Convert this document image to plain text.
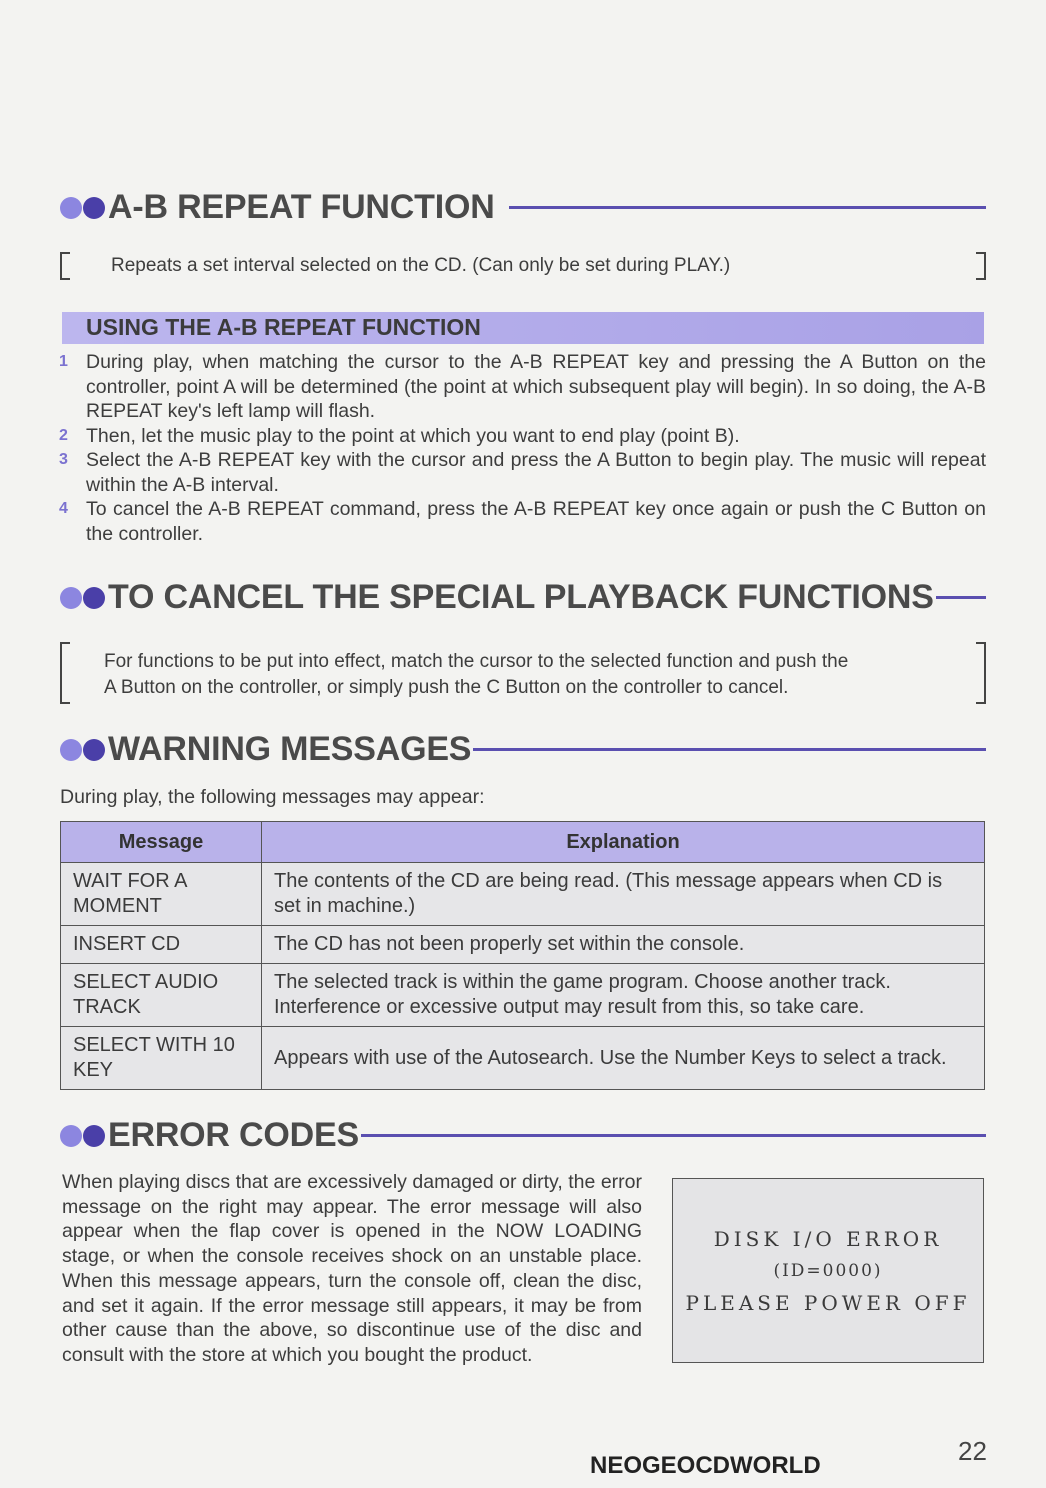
A-B REPEAT FUNCTION
Repeats a set interval selected on the CD. (Can only be set during PLAY.)
USING THE A-B REPEAT FUNCTION
1 During play, when matching the cursor to the A-B REPEAT key and pressing the A Button on the controller, point A will be determined (the point at which subsequent play will begin). In so doing, the A-B REPEAT key's left lamp will flash.
2 Then, let the music play to the point at which you want to end play (point B).
3 Select the A-B REPEAT key with the cursor and press the A Button to begin play. The music will repeat within the A-B interval.
4 To cancel the A-B REPEAT command, press the A-B REPEAT key once again or push the C Button on the controller.
TO CANCEL THE SPECIAL PLAYBACK FUNCTIONS
For functions to be put into effect, match the cursor to the selected function and push the
A Button on the controller, or simply push the C Button on the controller to cancel.
WARNING MESSAGES
During play, the following messages may appear:
Message	Explanation
WAIT FOR A MOMENT	The contents of the CD are being read. (This message appears when CD is set in machine.)
INSERT CD	The CD has not been properly set within the console.
SELECT AUDIO TRACK	The selected track is within the game program. Choose another track. Interference or excessive output may result from this, so take care.
SELECT WITH 10 KEY	Appears with use of the Autosearch. Use the Number Keys to select a track.
ERROR CODES
When playing discs that are excessively damaged or dirty, the error message on the right may appear. The error message will also appear when the flap cover is opened in the NOW LOADING stage, or when the console receives shock on an unstable place. When this message appears, turn the console off, clean the disc, and set it again. If the error message still appears, it may be from other cause than the above, so discontinue use of the disc and consult with the store at which you bought the product.
DISK I/O ERROR
(ID=0000)
PLEASE POWER OFF
NEOGEOCDWORLD	22
